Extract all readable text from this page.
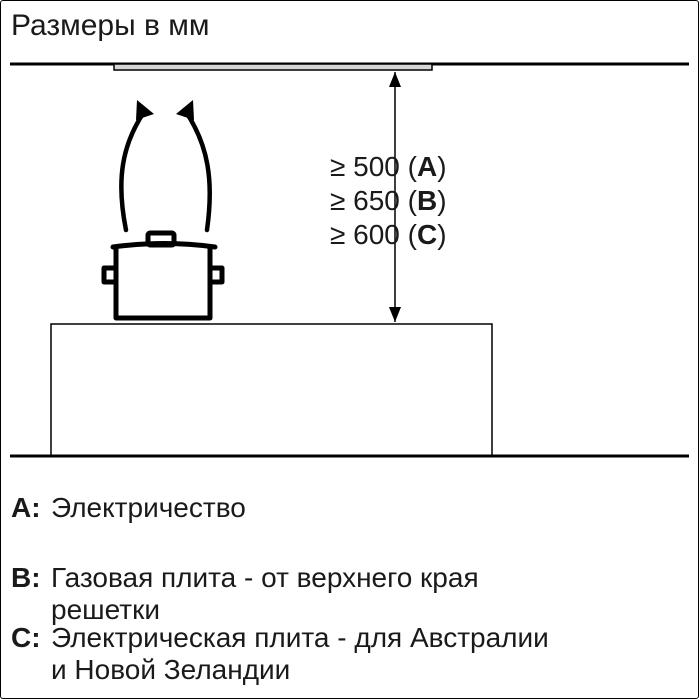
Размеры в мм
≥ 500 (A)
≥ 650 (B)
≥ 600 (C)
A: Электричество
B: Газовая плита - от верхнего края
решетки
C: Электрическая плита - для Австралии
и Новой Зеландии
